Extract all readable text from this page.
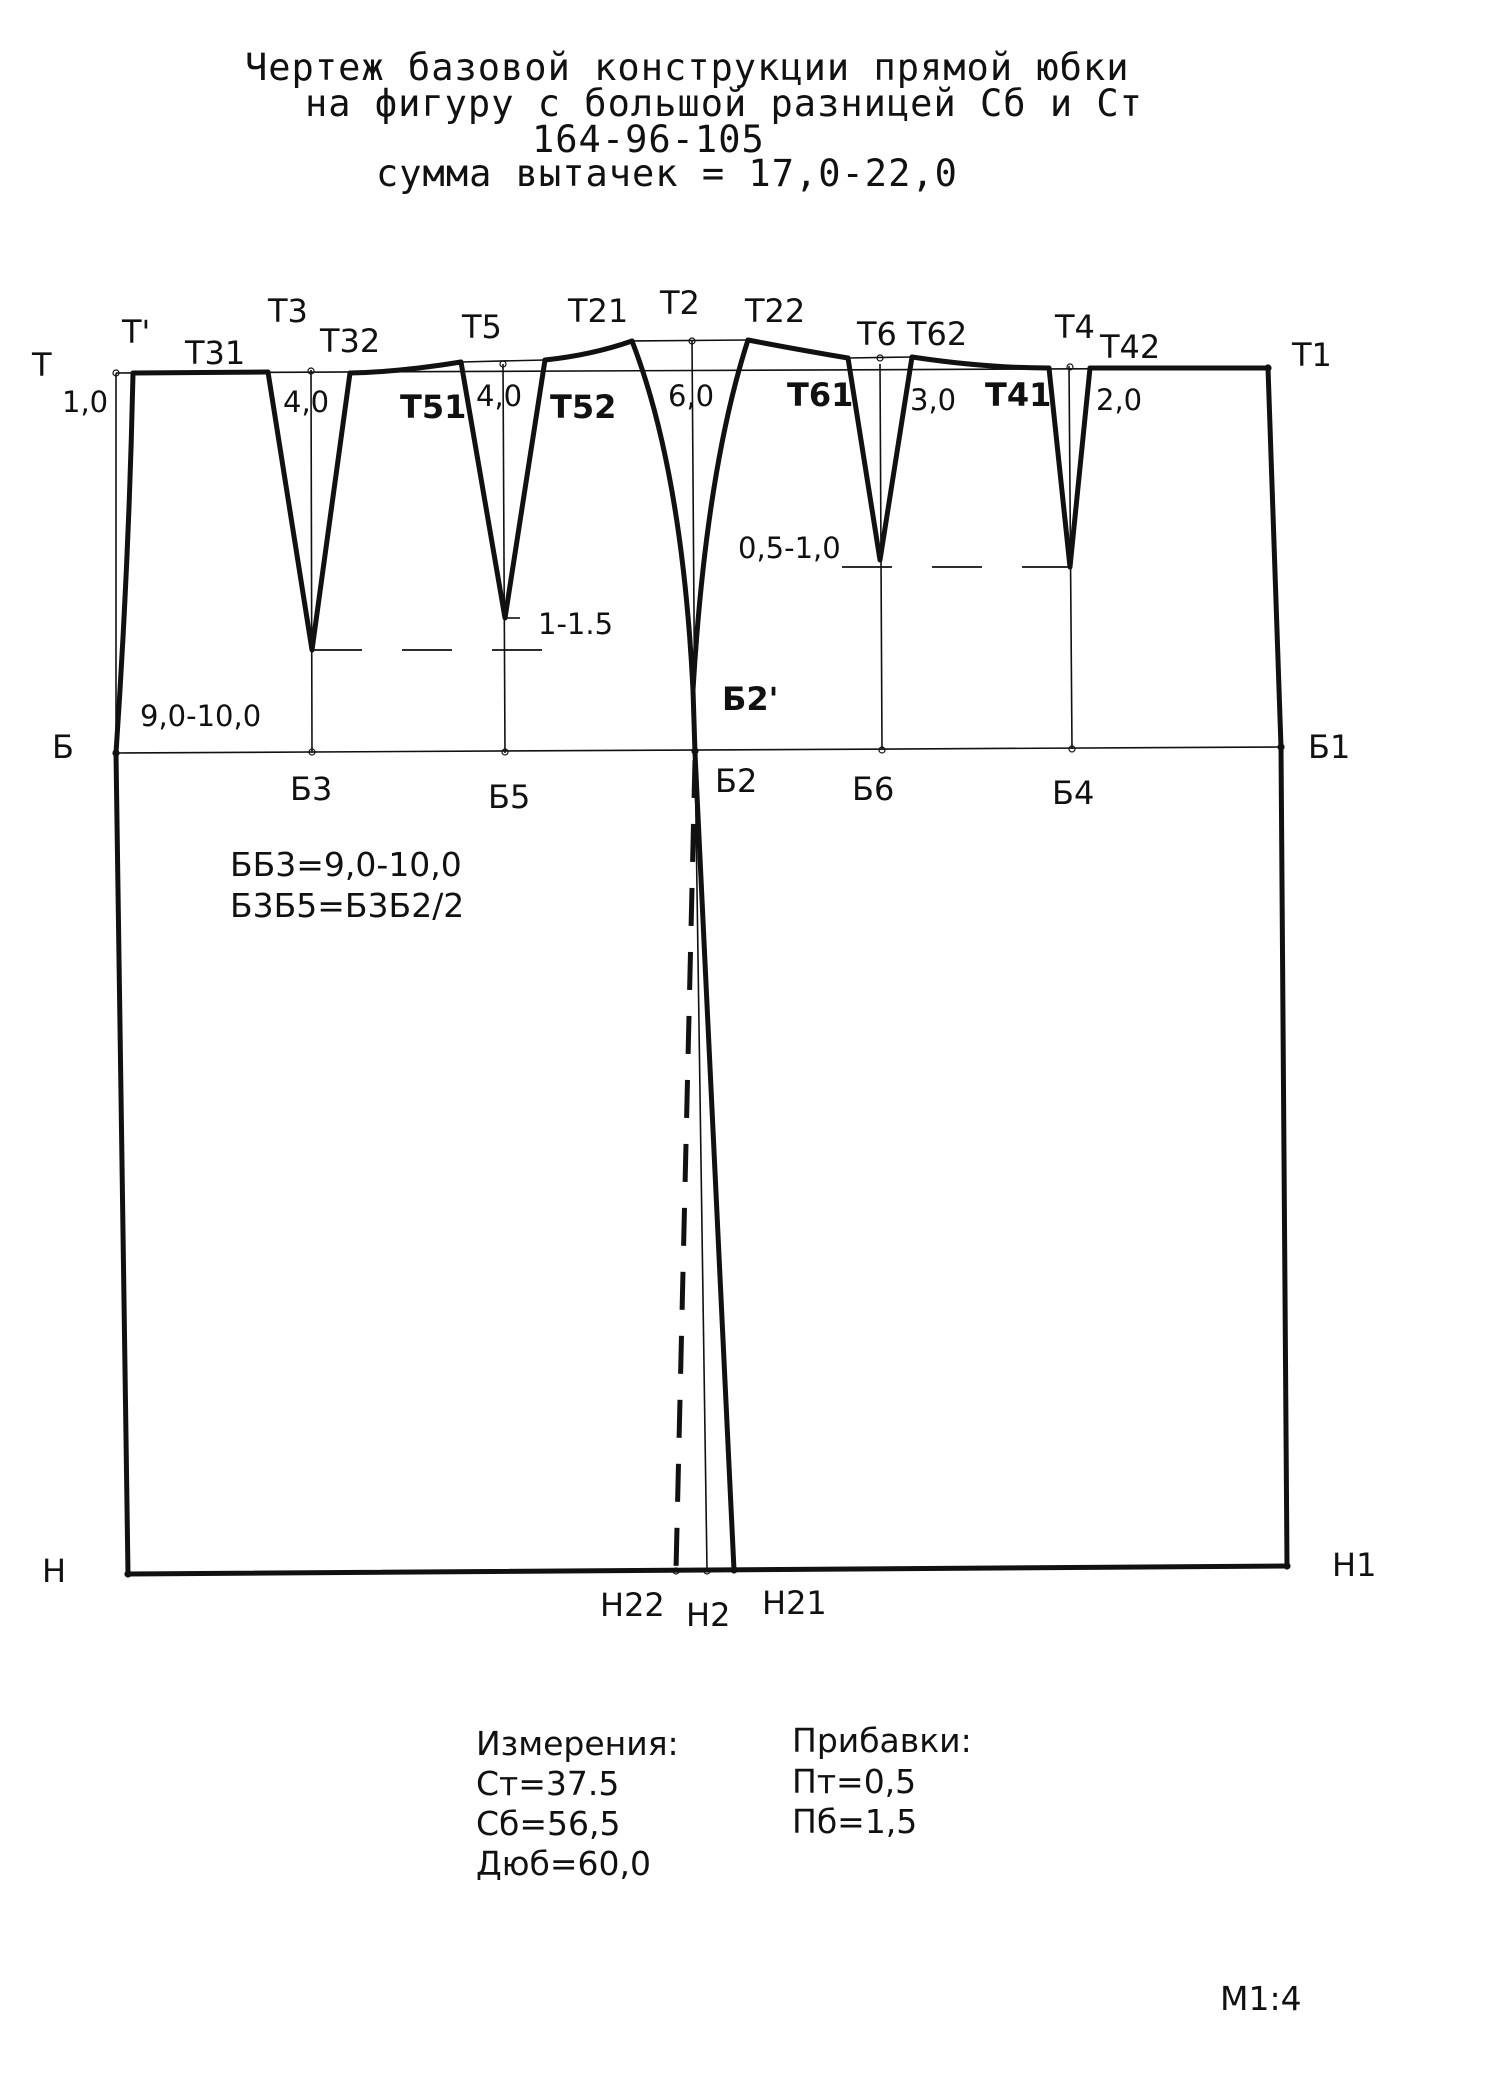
Чертеж базовой конструкции прямой юбки
на фигуру с большой разницей Сб и Ст
164-96-105
сумма вытачек = 17,0-22,0
Т
Т'
Т31
Т3
Т32	Т5
Т51	Т52
Т21 Т2 Т22
Т6
Т61
Т62	Т4
Т41
Т42	Т1
Б	Б1
Б3	Б5	Б2
Б2'
Б6	Б4
Н	Н1
Н22 Н2 Н21
1,0	4,0	4,0	6,0	3,0	2,0
0,5-1,0
1-1.5
9,0-10,0
ББ3=9,0-10,0
Б3Б5=Б3Б2/2
Измерения:
Ст=37.5
Сб=56,5
Дюб=60,0
Прибавки:
Пт=0,5
Пб=1,5
М1:4
